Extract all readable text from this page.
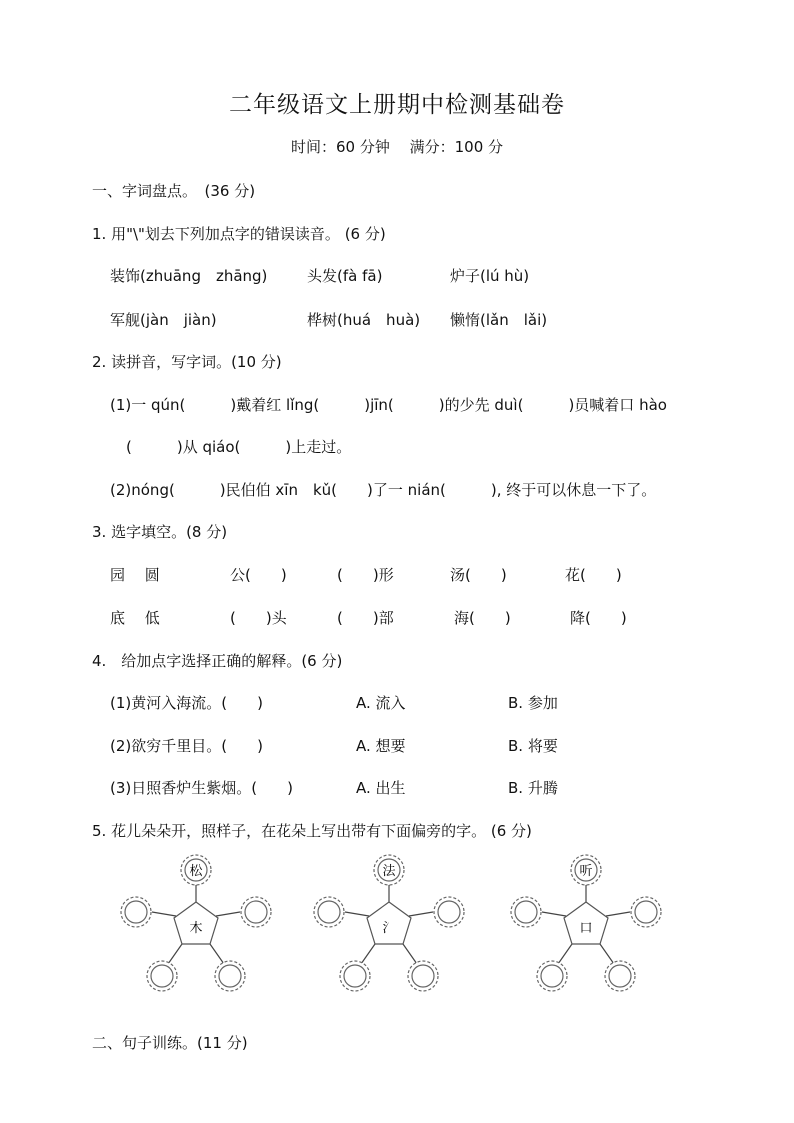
二年级语文上册期中检测基础卷
时间：60 分钟　 满分：100 分
一、字词盘点。　(36 分)
1. 用"\"划去下列加点字的错误读音。 (6 分)
装饰(zhuāng　zhāng)	头发(fà fā)	炉子(lú hù)
军舰(jàn　jiàn)	桦树(huá　huà) 懒惰(lǎn　lǎi)
2. 读拼音，写字词。(10 分)
(1)一 qún(　　　)戴着红 lǐng(　　　)jīn(　　　)的少先 duì(　　　)员喊着口 hào
(　　　)从 qiáo(　　　)上走过。
(2)nóng(　　　)民伯伯 xīn　kǔ(　　)了一 nián(　　　), 终于可以休息一下了。
3. 选字填空。(8 分)
园　 圆	公(　　)	(　　)形	汤(　　)	花(　　)
底　 低	(　　)头	(　　)部	海(　　)	降(　　)
4.　给加点字选择正确的解释。(6 分)
(1)黄河入海流。(　　)	A. 流入	B. 参加
(2)欲穷千里目。(　　)	A. 想要	B. 将要
(3)日照香炉生紫烟。(　　)	A. 出生	B. 升腾
5. 花儿朵朵开，照样子，在花朵上写出带有下面偏旁的字。 (6 分)
松
木
法
氵
听
口
二、句子训练。(11 分)
